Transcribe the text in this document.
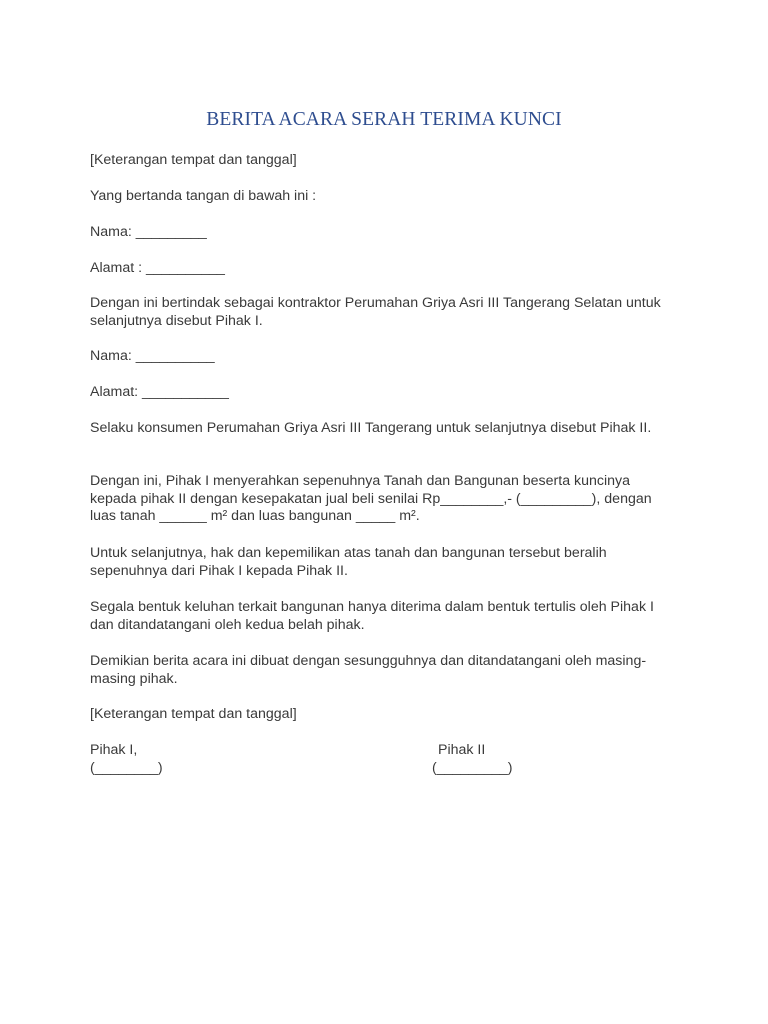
BERITA ACARA SERAH TERIMA KUNCI

[Keterangan tempat dan tanggal]

Yang bertanda tangan di bawah ini :

Nama: _________

Alamat : __________

Dengan ini bertindak sebagai kontraktor Perumahan Griya Asri III Tangerang Selatan untuk selanjutnya disebut Pihak I.

Nama: __________

Alamat: ___________

Selaku konsumen Perumahan Griya Asri III Tangerang untuk selanjutnya disebut Pihak II.

Dengan ini, Pihak I menyerahkan sepenuhnya Tanah dan Bangunan beserta kuncinya kepada pihak II dengan kesepakatan jual beli senilai Rp________,- (_________), dengan luas tanah ______ m² dan luas bangunan _____ m².

Untuk selanjutnya, hak dan kepemilikan atas tanah dan bangunan tersebut beralih sepenuhnya dari Pihak I kepada Pihak II.

Segala bentuk keluhan terkait bangunan hanya diterima dalam bentuk tertulis oleh Pihak I dan ditandatangani oleh kedua belah pihak.

Demikian berita acara ini dibuat dengan sesungguhnya dan ditandatangani oleh masing-masing pihak.

[Keterangan tempat dan tanggal]

Pihak I,

(________)

Pihak II

(_________)
